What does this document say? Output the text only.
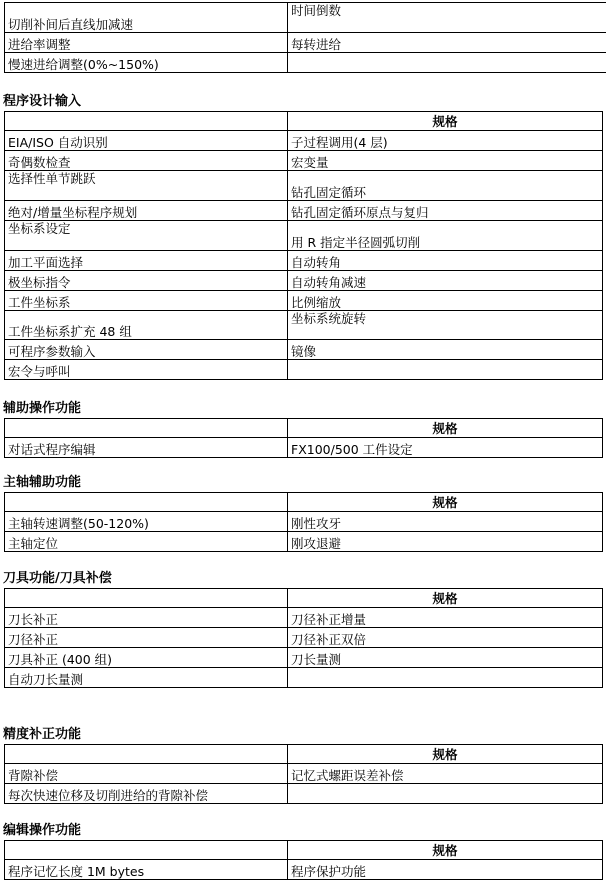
切削补间后直线加减速	时间倒数
进给率调整	每转进给
慢速进给调整(0%~150%)	
程序设计输入
	规格
EIA/ISO 自动识别	子过程调用(4 层)
奇偶数检查	宏变量
选择性单节跳跃	钻孔固定循环
绝对/增量坐标程序规划	钻孔固定循环原点与复归
坐标系设定	用 R 指定半径圆弧切削
加工平面选择	自动转角
极坐标指令	自动转角减速
工件坐标系	比例缩放
工件坐标系扩充 48 组	坐标系统旋转
可程序参数输入	镜像
宏令与呼叫	
辅助操作功能
	规格
对话式程序编辑	FX100/500 工件设定
主轴辅助功能
	规格
主轴转速调整(50-120%)	刚性攻牙
主轴定位	刚攻退避
刀具功能/刀具补偿
	规格
刀长补正	刀径补正增量
刀径补正	刀径补正双倍
刀具补正 (400 组)	刀长量测
自动刀长量测	
精度补正功能
	规格
背隙补偿	记忆式螺距误差补偿
每次快速位移及切削进给的背隙补偿	
编辑操作功能
	规格
程序记忆长度 1M bytes	程序保护功能
